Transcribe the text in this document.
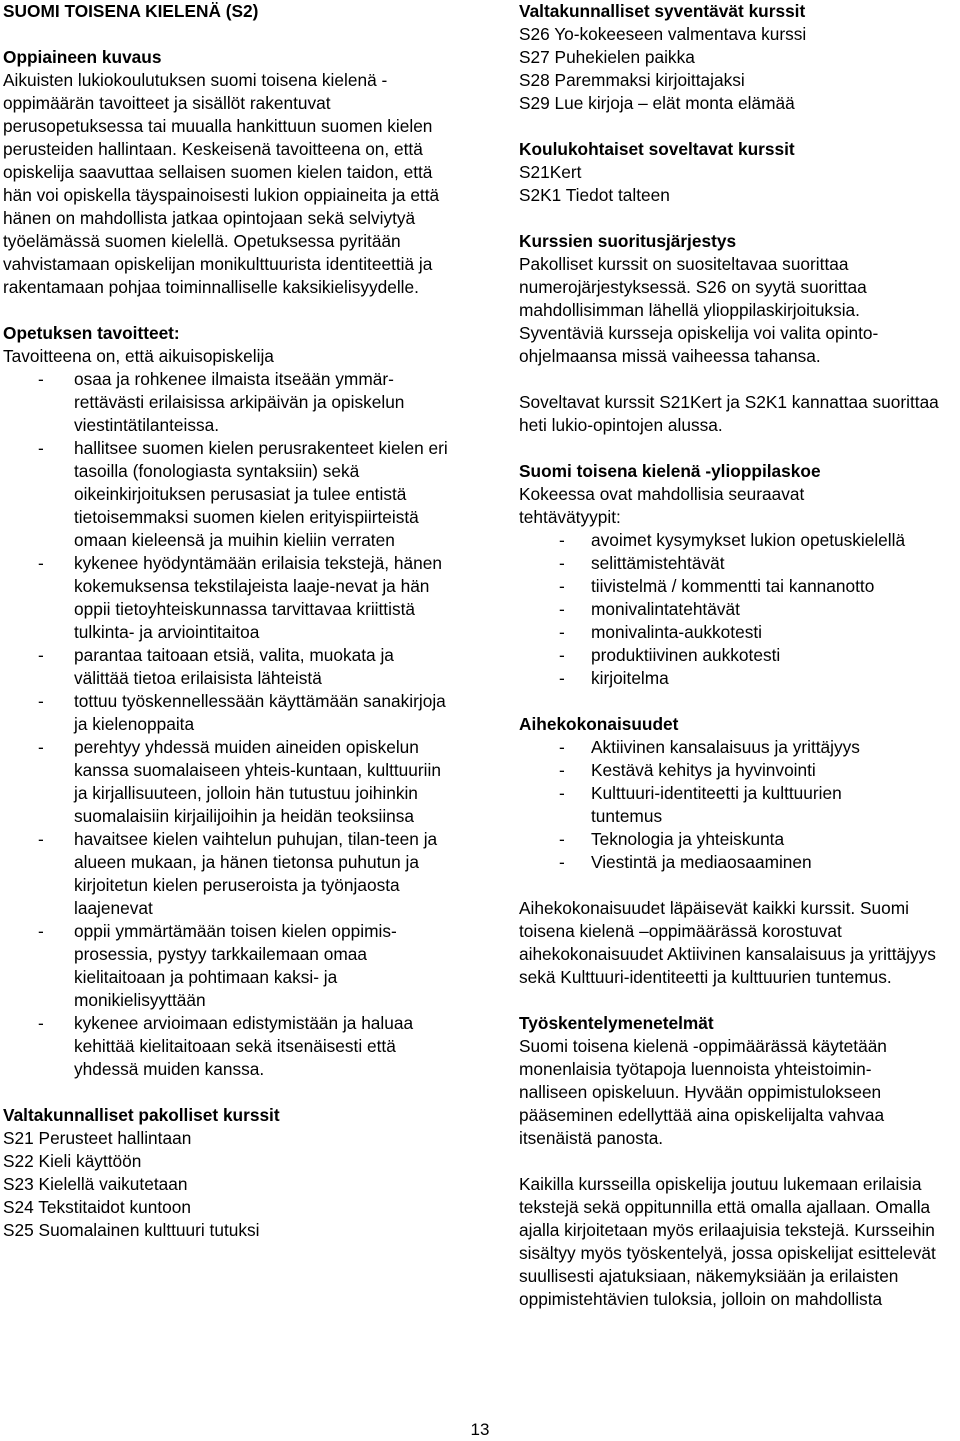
SUOMI TOISENA KIELENÄ (S2)

Oppiaineen kuvaus

Aikuisten lukiokoulutuksen suomi toisena kielenä - oppimäärän tavoitteet ja sisällöt rakentuvat perusopetuksessa tai muualla hankittuun suomen kielen perusteiden hallintaan. Keskeisenä tavoitteena on, että opiskelija saavuttaa sellaisen suomen kielen taidon, että hän voi opiskella täyspainoisesti lukion oppiaineita ja että hänen on mahdollista jatkaa opintojaan sekä selviytyä työelämässä suomen kielellä. Opetuksessa pyritään vahvistamaan opiskelijan monikulttuurista identiteettiä ja rakentamaan pohjaa toiminnalliselle kaksikielisyydelle.

Opetuksen tavoitteet:

Tavoitteena on, että aikuisopiskelija

- osaa ja rohkenee ilmaista itseään ymmär-rettävästi erilaisissa arkipäivän ja opiskelun viestintätilanteissa.
- hallitsee suomen kielen perusrakenteet kielen eri tasoilla (fonologiasta syntaksiin) sekä oikeinkirjoituksen perusasiat ja tulee entistä tietoisemmaksi suomen kielen erityispiirteistä omaan kieleensä ja muihin kieliin verraten
- kykenee hyödyntämään erilaisia tekstejä, hänen kokemuksensa tekstilajeista laaje-nevat ja hän oppii tietoyhteiskunnassa tarvittavaa kriittistä tulkinta- ja arviointitaitoa
- parantaa taitoaan etsiä, valita, muokata ja välittää tietoa erilaisista lähteistä
- tottuu työskennellessään käyttämään sanakirjoja ja kielenoppaita
- perehtyy yhdessä muiden aineiden opiskelun kanssa suomalaiseen yhteis-kuntaan, kulttuuriin ja kirjallisuuteen, jolloin hän tutustuu joihinkin suomalaisiin kirjailijoihin ja heidän teoksiinsa
- havaitsee kielen vaihtelun puhujan, tilan-teen ja alueen mukaan, ja hänen tietonsa puhutun ja kirjoitetun kielen peruseroista ja työnjaosta laajenevat
- oppii ymmärtämään toisen kielen oppimis-prosessia, pystyy tarkkailemaan omaa kielitaitoaan ja pohtimaan kaksi- ja monikielisyyttään
- kykenee arvioimaan edistymistään ja haluaa kehittää kielitaitoaan sekä itsenäisesti että yhdessä muiden kanssa.

Valtakunnalliset pakolliset kurssit

S21 Perusteet hallintaan

S22 Kieli käyttöön

S23 Kielellä vaikutetaan

S24 Tekstitaidot kuntoon

S25 Suomalainen kulttuuri tutuksi

Valtakunnalliset syventävät kurssit

S26 Yo-kokeeseen valmentava kurssi

S27 Puhekielen paikka

S28 Paremmaksi kirjoittajaksi

S29 Lue kirjoja – elät monta elämää

Koulukohtaiset soveltavat kurssit

S21Kert

S2K1 Tiedot talteen

Kurssien suoritusjärjestys

Pakolliset kurssit on suositeltavaa suorittaa numerojärjestyksessä. S26 on syytä suorittaa mahdollisimman lähellä ylioppilaskirjoituksia. Syventäviä kursseja opiskelija voi valita opinto-ohjelmaansa missä vaiheessa tahansa.

Soveltavat kurssit S21Kert ja S2K1 kannattaa suorittaa heti lukio-opintojen alussa.

Suomi toisena kielenä -ylioppilaskoe

Kokeessa ovat mahdollisia seuraavat tehtävätyypit:

- avoimet kysymykset lukion opetuskielellä
- selittämistehtävät
- tiivistelmä / kommentti tai kannanotto
- monivalintatehtävät
- monivalinta-aukkotesti
- produktiivinen aukkotesti
- kirjoitelma

Aihekokonaisuudet

- Aktiivinen kansalaisuus ja yrittäjyys
- Kestävä kehitys ja hyvinvointi
- Kulttuuri-identiteetti ja kulttuurien tuntemus
- Teknologia ja yhteiskunta
- Viestintä ja mediaosaaminen

Aihekokonaisuudet läpäisevät kaikki kurssit. Suomi toisena kielenä –oppimäärässä korostuvat aihekokonaisuudet Aktiivinen kansalaisuus ja yrittäjyys sekä Kulttuuri-identiteetti ja kulttuurien tuntemus.

Työskentelymenetelmät

Suomi toisena kielenä -oppimäärässä käytetään monenlaisia työtapoja luennoista yhteistoimin-nalliseen opiskeluun. Hyvään oppimistulokseen pääseminen edellyttää aina opiskelijalta vahvaa itsenäistä panosta.

Kaikilla kursseilla opiskelija joutuu lukemaan erilaisia tekstejä sekä oppitunnilla että omalla ajallaan. Omalla ajalla kirjoitetaan myös erilaajuisia tekstejä. Kursseihin sisältyy myös työskentelyä, jossa opiskelijat esittelevät suullisesti ajatuksiaan, näkemyksiään ja erilaisten oppimistehtävien tuloksia, jolloin on mahdollista

13
